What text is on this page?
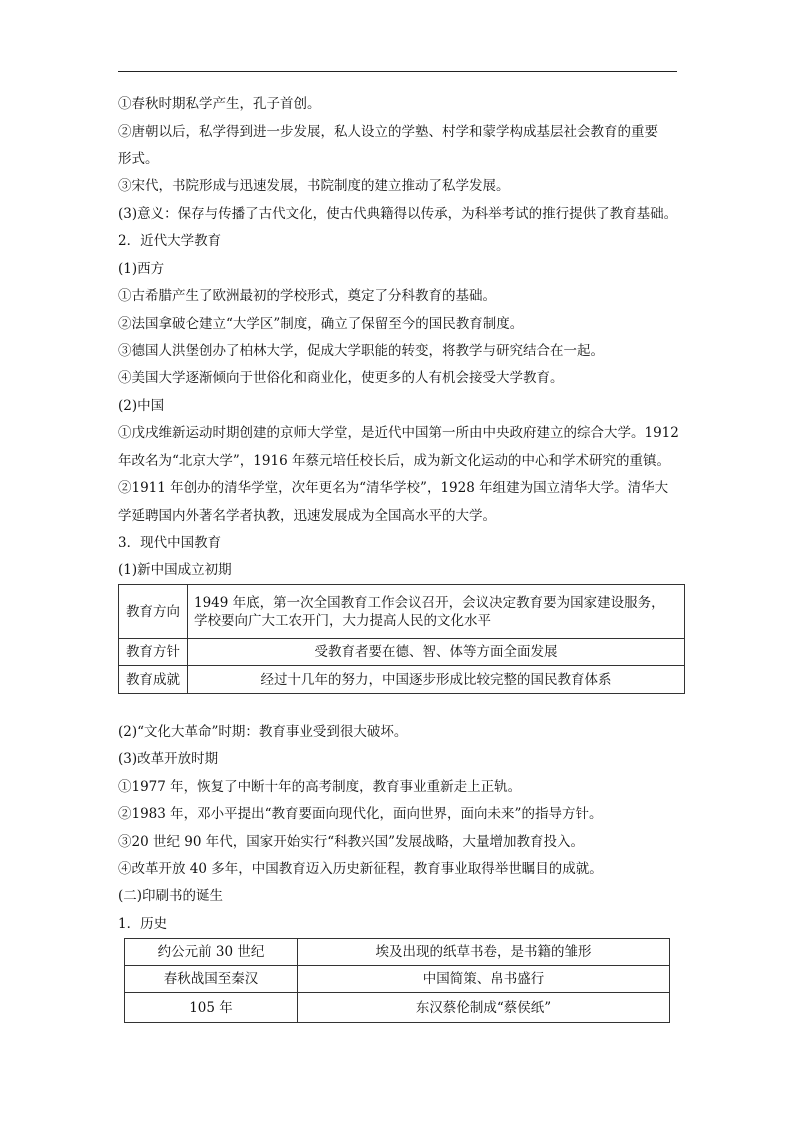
①春秋时期私学产生，孔子首创。
②唐朝以后，私学得到进一步发展，私人设立的学塾、村学和蒙学构成基层社会教育的重要
形式。
③宋代，书院形成与迅速发展，书院制度的建立推动了私学发展。
(3)意义：保存与传播了古代文化，使古代典籍得以传承，为科举考试的推行提供了教育基础。
2．近代大学教育
(1)西方
①古希腊产生了欧洲最初的学校形式，奠定了分科教育的基础。
②法国拿破仑建立“大学区”制度，确立了保留至今的国民教育制度。
③德国人洪堡创办了柏林大学，促成大学职能的转变，将教学与研究结合在一起。
④美国大学逐渐倾向于世俗化和商业化，使更多的人有机会接受大学教育。
(2)中国
①戊戌维新运动时期创建的京师大学堂，是近代中国第一所由中央政府建立的综合大学。1912
年改名为“北京大学”，1916 年蔡元培任校长后，成为新文化运动的中心和学术研究的重镇。
②1911 年创办的清华学堂，次年更名为“清华学校”，1928 年组建为国立清华大学。清华大
学延聘国内外著名学者执教，迅速发展成为全国高水平的大学。
3．现代中国教育
(1)新中国成立初期
教育方向	1949 年底，第一次全国教育工作会议召开，会议决定教育要为国家建设服务，
学校要向广大工农开门，大力提高人民的文化水平

教育方针	受教育者要在德、智、体等方面全面发展
教育成就	经过十几年的努力，中国逐步形成比较完整的国民教育体系
(2)“文化大革命”时期：教育事业受到很大破坏。
(3)改革开放时期
①1977 年，恢复了中断十年的高考制度，教育事业重新走上正轨。
②1983 年，邓小平提出“教育要面向现代化，面向世界，面向未来”的指导方针。
③20 世纪 90 年代，国家开始实行“科教兴国”发展战略，大量增加教育投入。
④改革开放 40 多年，中国教育迈入历史新征程，教育事业取得举世瞩目的成就。
(二)印刷书的诞生
1．历史
约公元前 30 世纪	埃及出现的纸草书卷，是书籍的雏形
春秋战国至秦汉	中国简策、帛书盛行
105 年	东汉蔡伦制成“蔡侯纸”
